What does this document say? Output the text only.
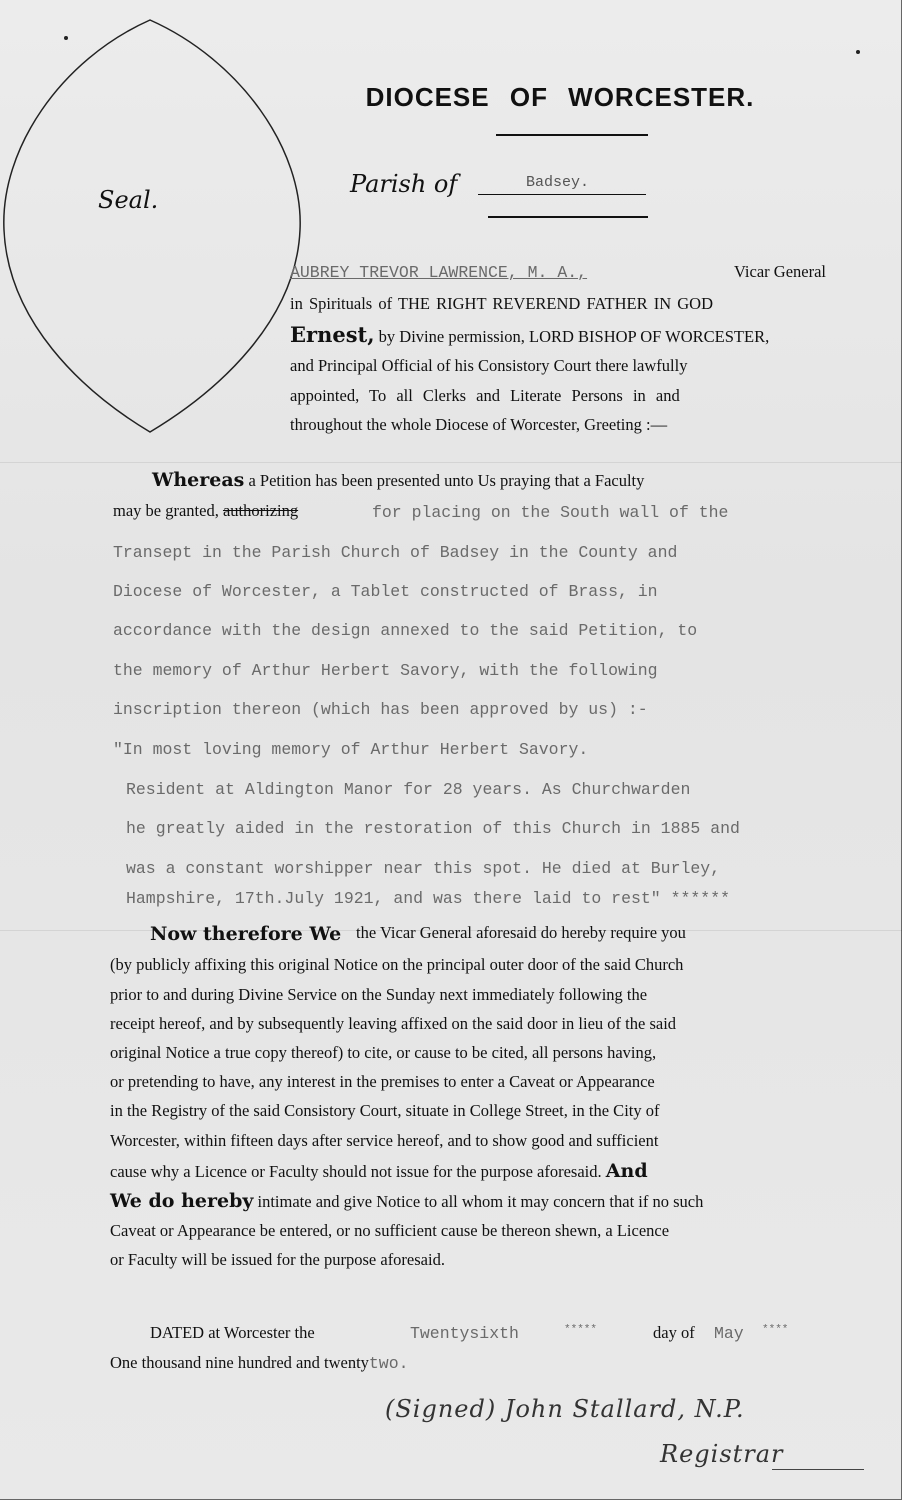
Seal.
DIOCESE OF WORCESTER.
Parish of	Badsey.
AUBREY TREVOR LAWRENCE, M. A.,	Vicar General
in Spirituals of THE RIGHT REVEREND FATHER IN GOD
Ernest, by Divine permission, LORD BISHOP OF WORCESTER,
and Principal Official of his Consistory Court there lawfully
appointed, To all Clerks and Literate Persons in and
throughout the whole Diocese of Worcester, Greeting :—
Whereas a Petition has been presented unto Us praying that a Faculty
may be granted, authorizing	for placing on the South wall of the
Transept in the Parish Church of Badsey in the County and
Diocese of Worcester, a Tablet constructed of Brass, in
accordance with the design annexed to the said Petition, to
the memory of Arthur Herbert Savory, with the following
inscription thereon (which has been approved by us) :-
"In most loving memory of Arthur Herbert Savory.
Resident at Aldington Manor for 28 years. As Churchwarden
he greatly aided in the restoration of this Church in 1885 and
was a constant worshipper near this spot. He died at Burley,
Hampshire, 17th.July 1921, and was there laid to rest" ******
Now therefore We the Vicar General aforesaid do hereby require you
(by publicly affixing this original Notice on the principal outer door of the said Church
prior to and during Divine Service on the Sunday next immediately following the
receipt hereof, and by subsequently leaving affixed on the said door in lieu of the said
original Notice a true copy thereof) to cite, or cause to be cited, all persons having,
or pretending to have, any interest in the premises to enter a Caveat or Appearance
in the Registry of the said Consistory Court, situate in College Street, in the City of
Worcester, within fifteen days after service hereof, and to show good and sufficient
cause why a Licence or Faculty should not issue for the purpose aforesaid. And
We do hereby intimate and give Notice to all whom it may concern that if no such
Caveat or Appearance be entered, or no sufficient cause be thereon shewn, a Licence
or Faculty will be issued for the purpose aforesaid.
DATED at Worcester the	Twentysixth	*****	day of May ****
One thousand nine hundred and twentytwo.
(Signed) John Stallard, N.P.
Registrar
